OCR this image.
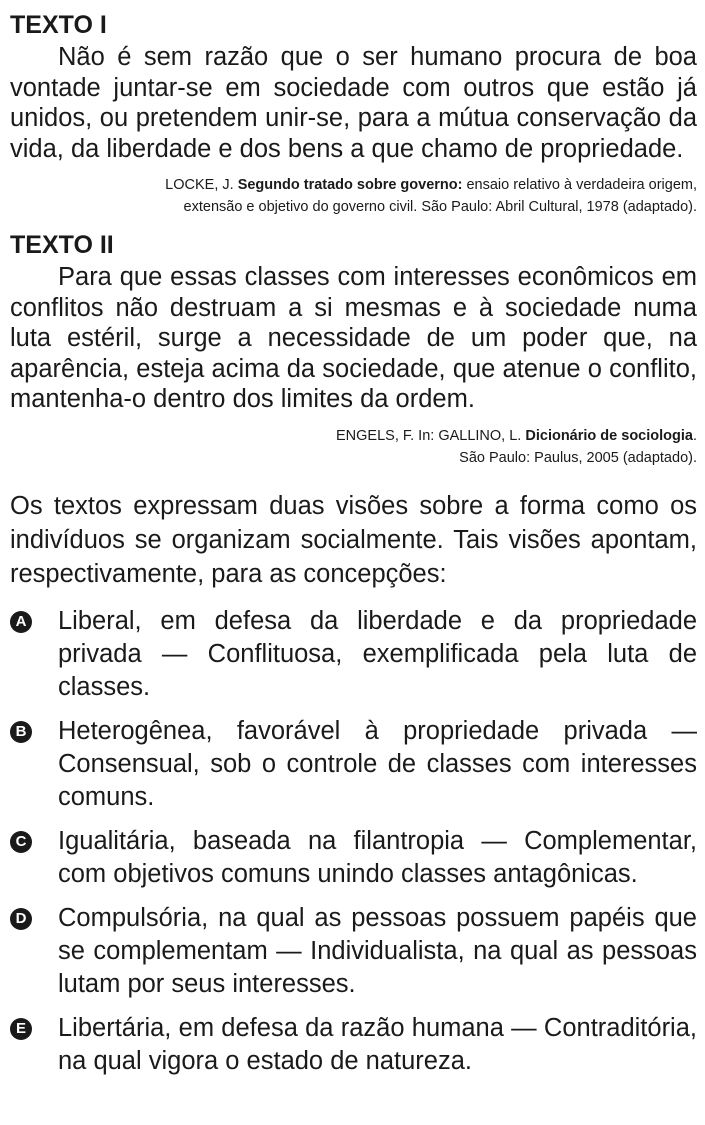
TEXTO I

Não é sem razão que o ser humano procura de boa vontade juntar-se em sociedade com outros que estão já unidos, ou pretendem unir-se, para a mútua conservação da vida, da liberdade e dos bens a que chamo de propriedade.

LOCKE, J. Segundo tratado sobre governo: ensaio relativo à verdadeira origem,
extensão e objetivo do governo civil. São Paulo: Abril Cultural, 1978 (adaptado).

TEXTO II

Para que essas classes com interesses econômicos em conflitos não destruam a si mesmas e à sociedade numa luta estéril, surge a necessidade de um poder que, na aparência, esteja acima da sociedade, que atenue o conflito, mantenha-o dentro dos limites da ordem.

ENGELS, F. In: GALLINO, L. Dicionário de sociologia.
São Paulo: Paulus, 2005 (adaptado).

Os textos expressam duas visões sobre a forma como os indivíduos se organizam socialmente. Tais visões apontam, respectivamente, para as concepções:

A Liberal, em defesa da liberdade e da propriedade privada — Conflituosa, exemplificada pela luta de classes.
B Heterogênea, favorável à propriedade privada — Consensual, sob o controle de classes com interesses comuns.
C Igualitária, baseada na filantropia — Complementar, com objetivos comuns unindo classes antagônicas.
D Compulsória, na qual as pessoas possuem papéis que se complementam — Individualista, na qual as pessoas lutam por seus interesses.
E Libertária, em defesa da razão humana — Contraditória, na qual vigora o estado de natureza.
